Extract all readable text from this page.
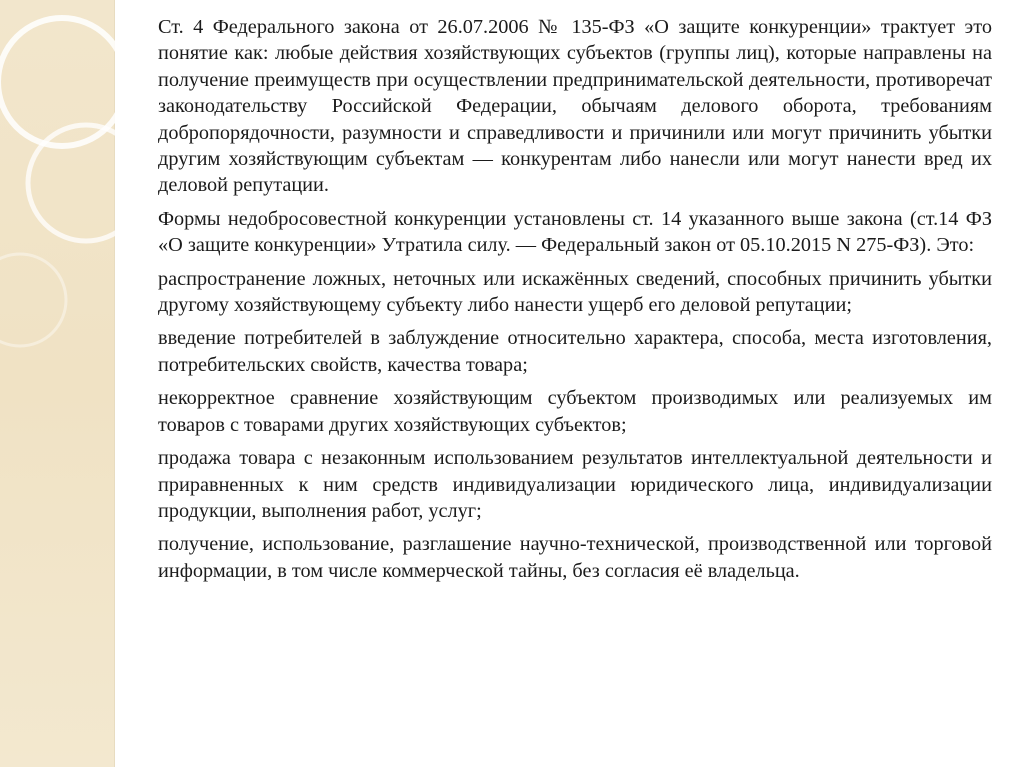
Ст. 4 Федерального закона от 26.07.2006 № 135-ФЗ «О защите конкуренции» трактует это понятие как: любые действия хозяйствующих субъектов (группы лиц), которые направлены на получение преимуществ при осуществлении предпринимательской деятельности, противоречат законодательству Российской Федерации, обычаям делового оборота, требованиям добропорядочности, разумности и справедливости и причинили или могут причинить убытки другим хозяйствующим субъектам — конкурентам либо нанесли или могут нанести вред их деловой репутации.

Формы недобросовестной конкуренции установлены ст. 14 указанного выше закона (ст.14 ФЗ «О защите конкуренции» Утратила силу. — Федеральный закон от 05.10.2015 N 275-ФЗ). Это:

распространение ложных, неточных или искажённых сведений, способных причинить убытки другому хозяйствующему субъекту либо нанести ущерб его деловой репутации;

введение потребителей в заблуждение относительно характера, способа, места изготовления, потребительских свойств, качества товара;

некорректное сравнение хозяйствующим субъектом производимых или реализуемых им товаров с товарами других хозяйствующих субъектов;

продажа товара с незаконным использованием результатов интеллектуальной деятельности и приравненных к ним средств индивидуализации юридического лица, индивидуализации продукции, выполнения работ, услуг;

получение, использование, разглашение научно-технической, производственной или торговой информации, в том числе коммерческой тайны, без согласия её владельца.
